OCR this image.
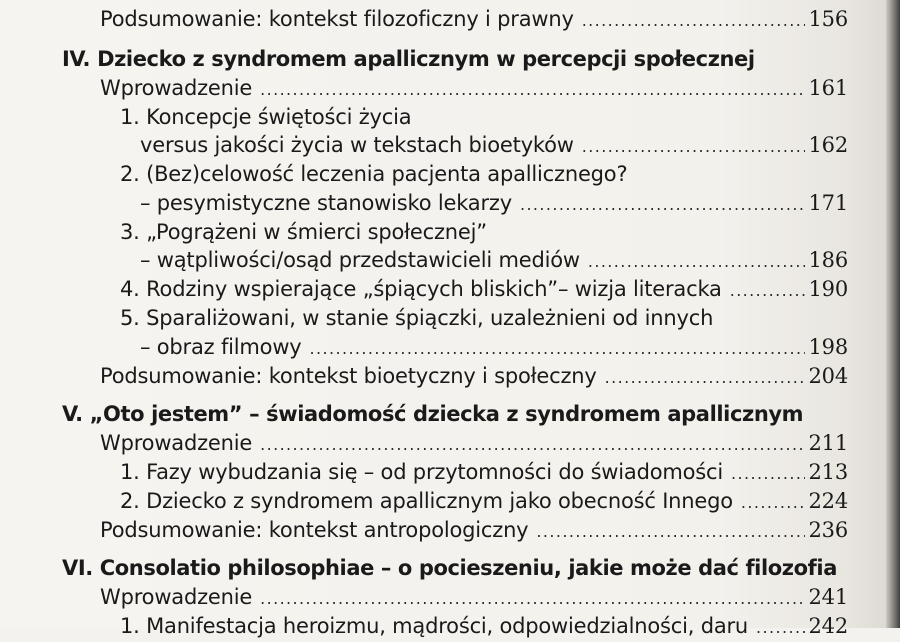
Podsumowanie: kontekst filozoficzny i prawny .....	156
IV. Dziecko z syndromem apallicznym w percepcji społecznej
Wprowadzenie .....	161
1. Koncepcje świętości życia
versus jakości życia w tekstach bioetyków .....	162
2. (Bez)celowość leczenia pacjenta apallicznego?
– pesymistyczne stanowisko lekarzy .....	171
3. „Pogrążeni w śmierci społecznej”
– wątpliwości/osąd przedstawicieli mediów .....	186
4. Rodziny wspierające „śpiących bliskich”– wizja literacka .....	190
5. Sparaliżowani, w stanie śpiączki, uzależnieni od innych
– obraz filmowy .....	198
Podsumowanie: kontekst bioetyczny i społeczny .....	204
V. „Oto jestem” – świadomość dziecka z syndromem apallicznym
Wprowadzenie .....	211
1. Fazy wybudzania się – od przytomności do świadomości .....	213
2. Dziecko z syndromem apallicznym jako obecność Innego .....	224
Podsumowanie: kontekst antropologiczny .....	236
VI. Consolatio philosophiae – o pocieszeniu, jakie może dać filozofia
Wprowadzenie .....	241
1. Manifestacja heroizmu, mądrości, odpowiedzialności, daru .....	242
